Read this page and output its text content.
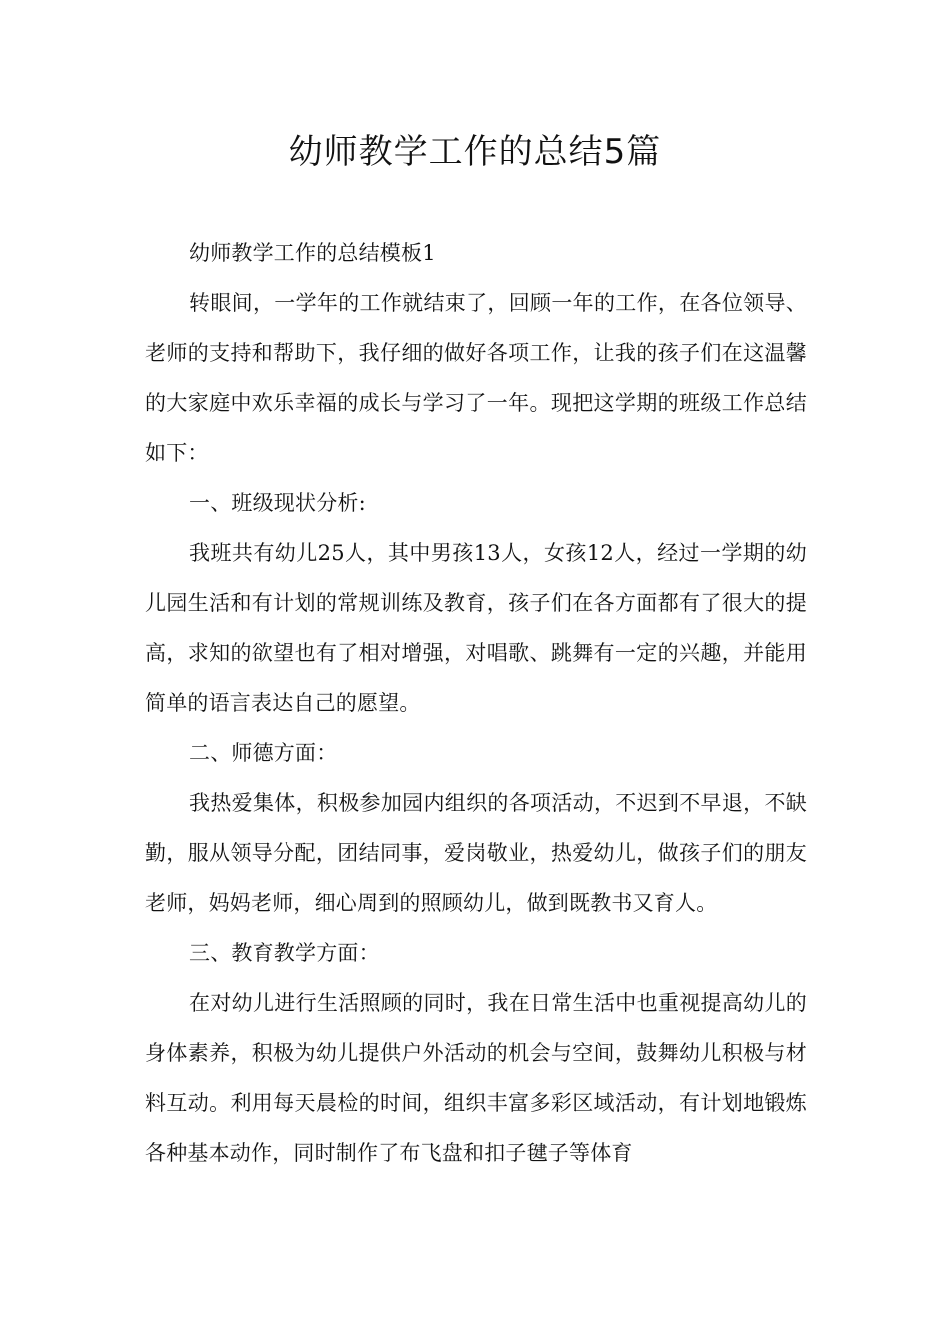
幼师教学工作的总结5篇

幼师教学工作的总结模板1

转眼间，一学年的工作就结束了，回顾一年的工作，在各位领导、老师的支持和帮助下，我仔细的做好各项工作，让我的孩子们在这温馨的大家庭中欢乐幸福的成长与学习了一年。现把这学期的班级工作总结如下：

一、班级现状分析:

我班共有幼儿25人，其中男孩13人，女孩12人，经过一学期的幼儿园生活和有计划的常规训练及教育，孩子们在各方面都有了很大的提高，求知的欲望也有了相对增强，对唱歌、跳舞有一定的兴趣，并能用简单的语言表达自己的愿望。

二、师德方面：

我热爱集体，积极参加园内组织的各项活动，不迟到不早退，不缺勤，服从领导分配，团结同事，爱岗敬业，热爱幼儿，做孩子们的朋友老师，妈妈老师，细心周到的照顾幼儿，做到既教书又育人。

三、教育教学方面：

在对幼儿进行生活照顾的同时，我在日常生活中也重视提高幼儿的身体素养，积极为幼儿提供户外活动的机会与空间，鼓舞幼儿积极与材料互动。利用每天晨检的时间，组织丰富多彩区域活动，有计划地锻炼各种基本动作，同时制作了布飞盘和扣子毽子等体育
